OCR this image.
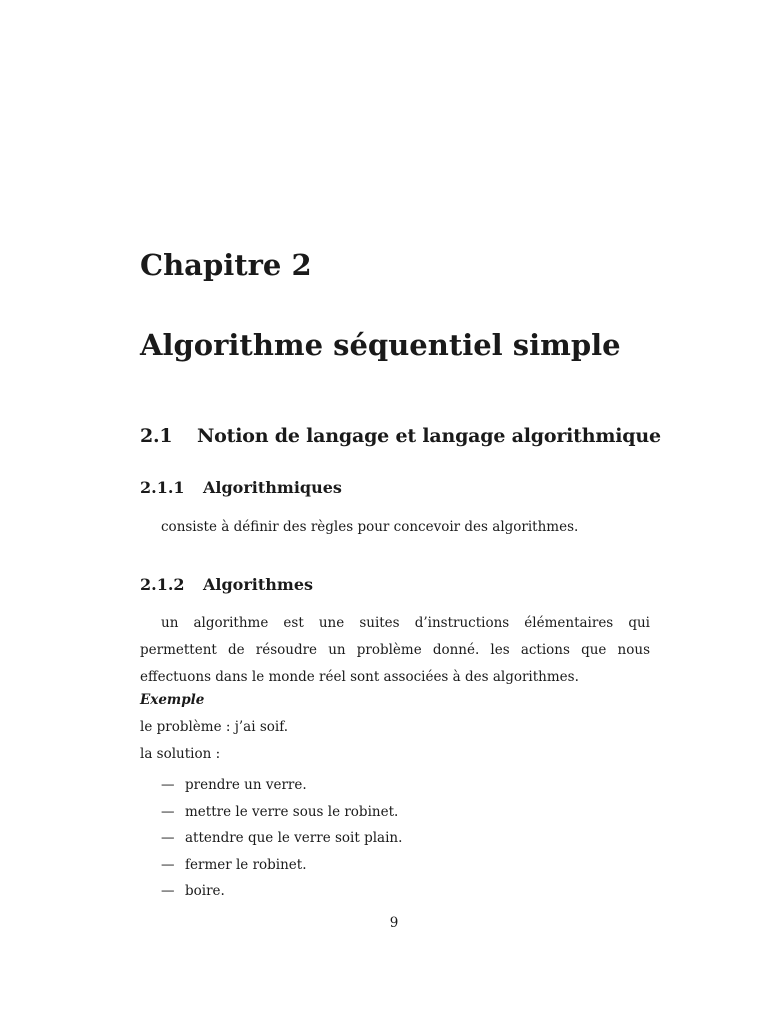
Chapitre 2
Algorithme séquentiel simple
2.1 Notion de langage et langage algorithmique
2.1.1 Algorithmiques

consiste à définir des règles pour concevoir des algorithmes.

2.1.2 Algorithmes

un algorithme est une suites d’instructions élémentaires qui permettent de résoudre un problème donné. les actions que nous effectuons dans le monde réel sont associées à des algorithmes.

Exemple

le problème : j’ai soif.

la solution :

— prendre un verre.
— mettre le verre sous le robinet.
— attendre que le verre soit plain.
— fermer le robinet.
— boire.

9
